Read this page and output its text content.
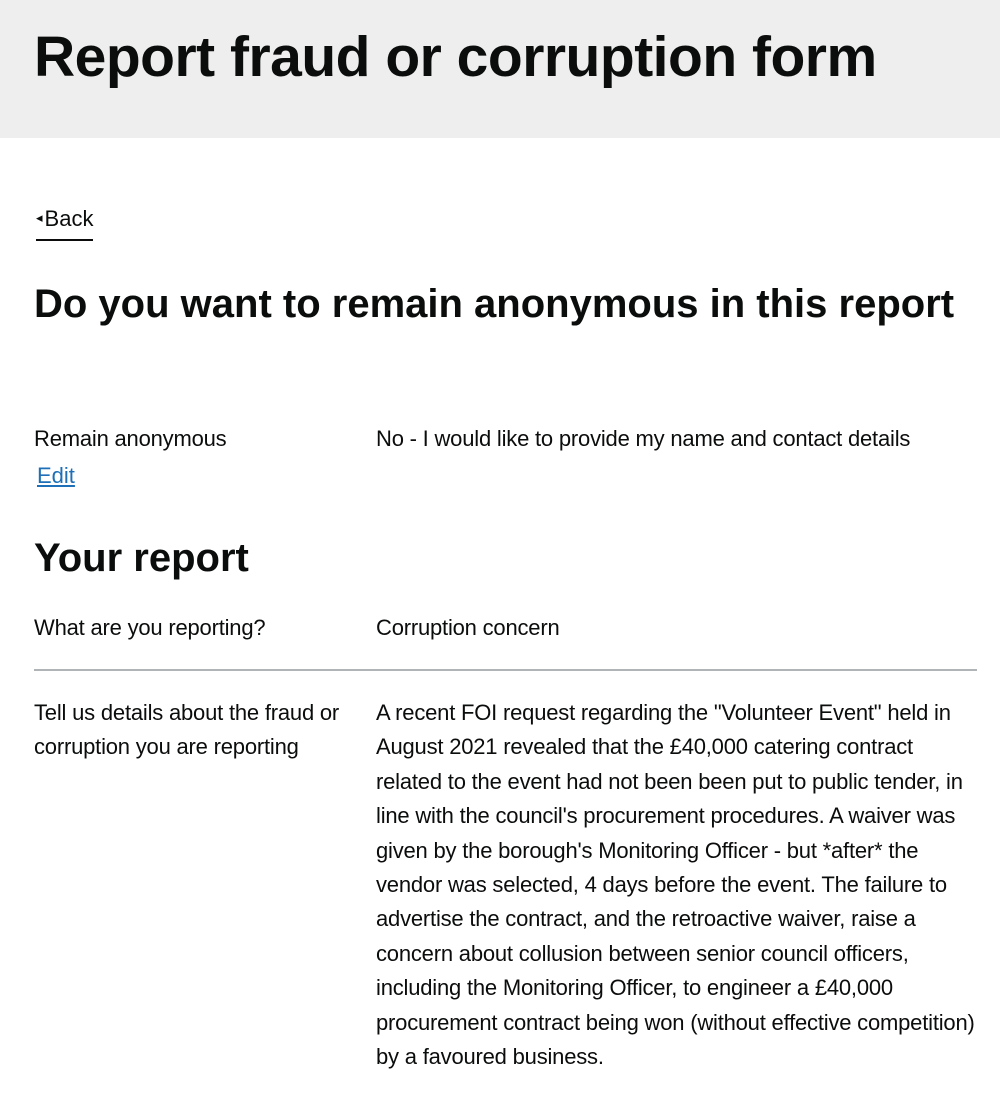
Report fraud or corruption form
◂Back
Do you want to remain anonymous in this report
Remain anonymous	No - I would like to provide my name and contact details
Edit
Your report
What are you reporting?	Corruption concern
Tell us details about the fraud or corruption you are reporting
A recent FOI request regarding the "Volunteer Event" held in August 2021 revealed that the £40,000 catering contract related to the event had not been been put to public tender, in line with the council's procurement procedures. A waiver was given by the borough's Monitoring Officer - but *after* the vendor was selected, 4 days before the event. The failure to advertise the contract, and the retroactive waiver, raise a concern about collusion between senior council officers, including the Monitoring Officer, to engineer a £40,000 procurement contract being won (without effective competition) by a favoured business.
